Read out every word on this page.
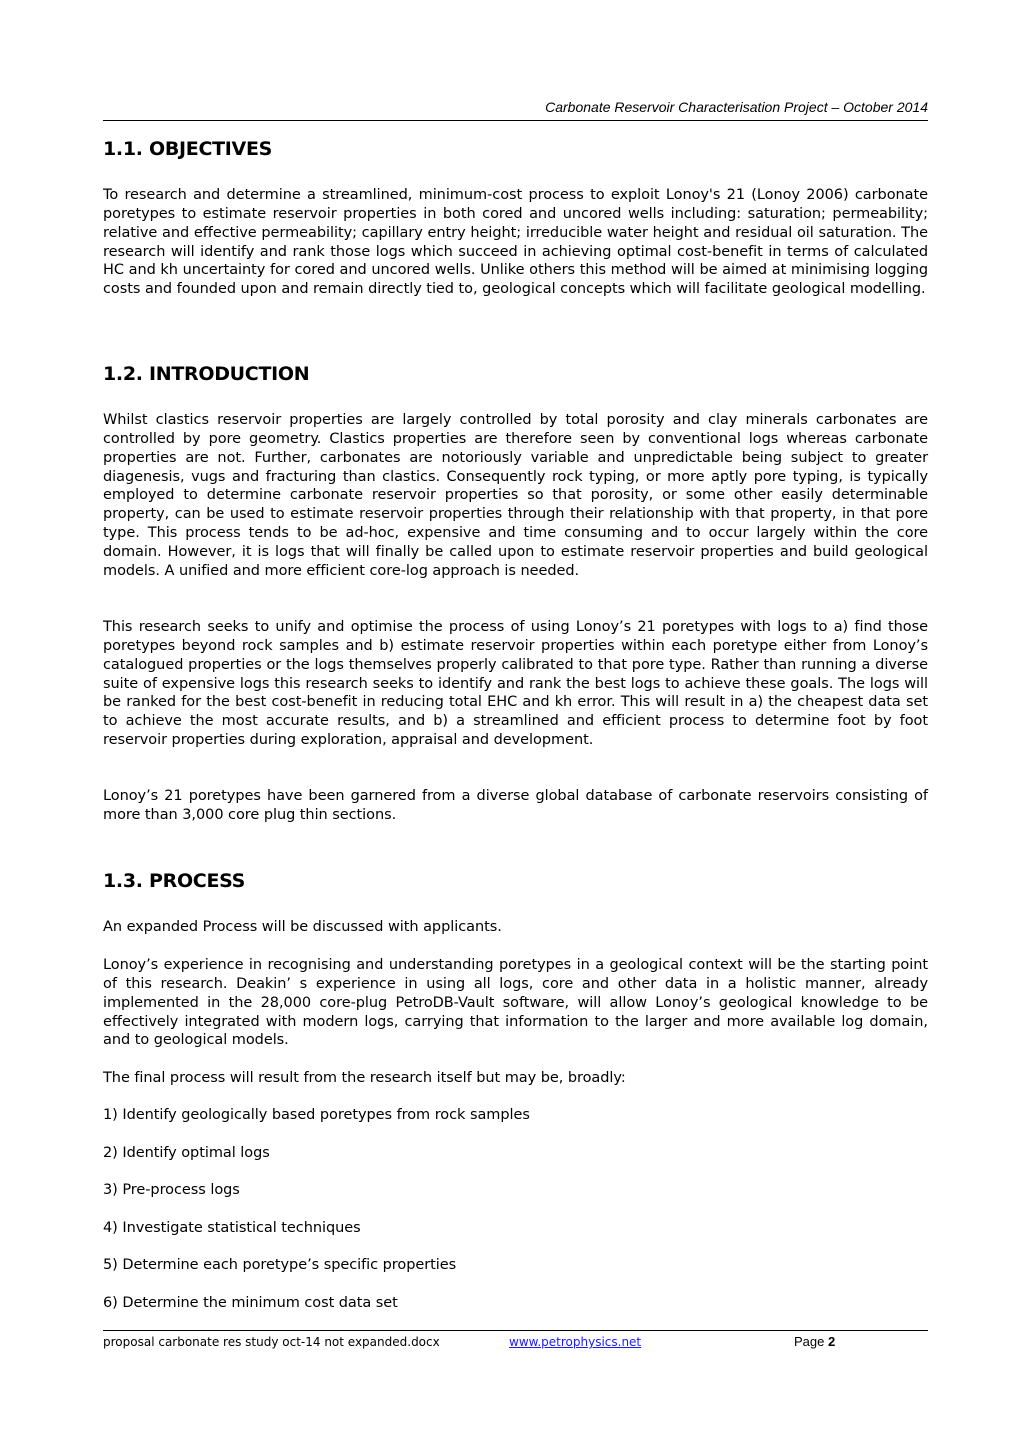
Carbonate Reservoir Characterisation Project – October 2014
1.1. OBJECTIVES

To research and determine a streamlined, minimum-cost process to exploit Lonoy's 21 (Lonoy 2006) carbonate poretypes to estimate reservoir properties in both cored and uncored wells including: saturation; permeability; relative and effective permeability; capillary entry height; irreducible water height and residual oil saturation. The research will identify and rank those logs which succeed in achieving optimal cost-benefit in terms of calculated HC and kh uncertainty for cored and uncored wells. Unlike others this method will be aimed at minimising logging costs and founded upon and remain directly tied to, geological concepts which will facilitate geological modelling.

1.2. INTRODUCTION

Whilst clastics reservoir properties are largely controlled by total porosity and clay minerals carbonates are controlled by pore geometry. Clastics properties are therefore seen by conventional logs whereas carbonate properties are not. Further, carbonates are notoriously variable and unpredictable being subject to greater diagenesis, vugs and fracturing than clastics. Consequently rock typing, or more aptly pore typing, is typically employed to determine carbonate reservoir properties so that porosity, or some other easily determinable property, can be used to estimate reservoir properties through their relationship with that property, in that pore type. This process tends to be ad-hoc, expensive and time consuming and to occur largely within the core domain. However, it is logs that will finally be called upon to estimate reservoir properties and build geological models. A unified and more efficient core-log approach is needed.

This research seeks to unify and optimise the process of using Lonoy’s 21 poretypes with logs to a) find those poretypes beyond rock samples and b) estimate reservoir properties within each poretype either from Lonoy’s catalogued properties or the logs themselves properly calibrated to that pore type. Rather than running a diverse suite of expensive logs this research seeks to identify and rank the best logs to achieve these goals. The logs will be ranked for the best cost-benefit in reducing total EHC and kh error. This will result in a) the cheapest data set to achieve the most accurate results, and b) a streamlined and efficient process to determine foot by foot reservoir properties during exploration, appraisal and development.

Lonoy’s 21 poretypes have been garnered from a diverse global database of carbonate reservoirs consisting of more than 3,000 core plug thin sections.

1.3. PROCESS

An expanded Process will be discussed with applicants.

Lonoy’s experience in recognising and understanding poretypes in a geological context will be the starting point of this research. Deakin’ s experience in using all logs, core and other data in a holistic manner, already implemented in the 28,000 core-plug PetroDB-Vault software, will allow Lonoy’s geological knowledge to be effectively integrated with modern logs, carrying that information to the larger and more available log domain, and to geological models.

The final process will result from the research itself but may be, broadly:

1) Identify geologically based poretypes from rock samples

2) Identify optimal logs

3) Pre-process logs

4) Investigate statistical techniques

5) Determine each poretype’s specific properties

6) Determine the minimum cost data set

proposal carbonate res study oct-14 not expanded.docx	www.petrophysics.net	Page 2
